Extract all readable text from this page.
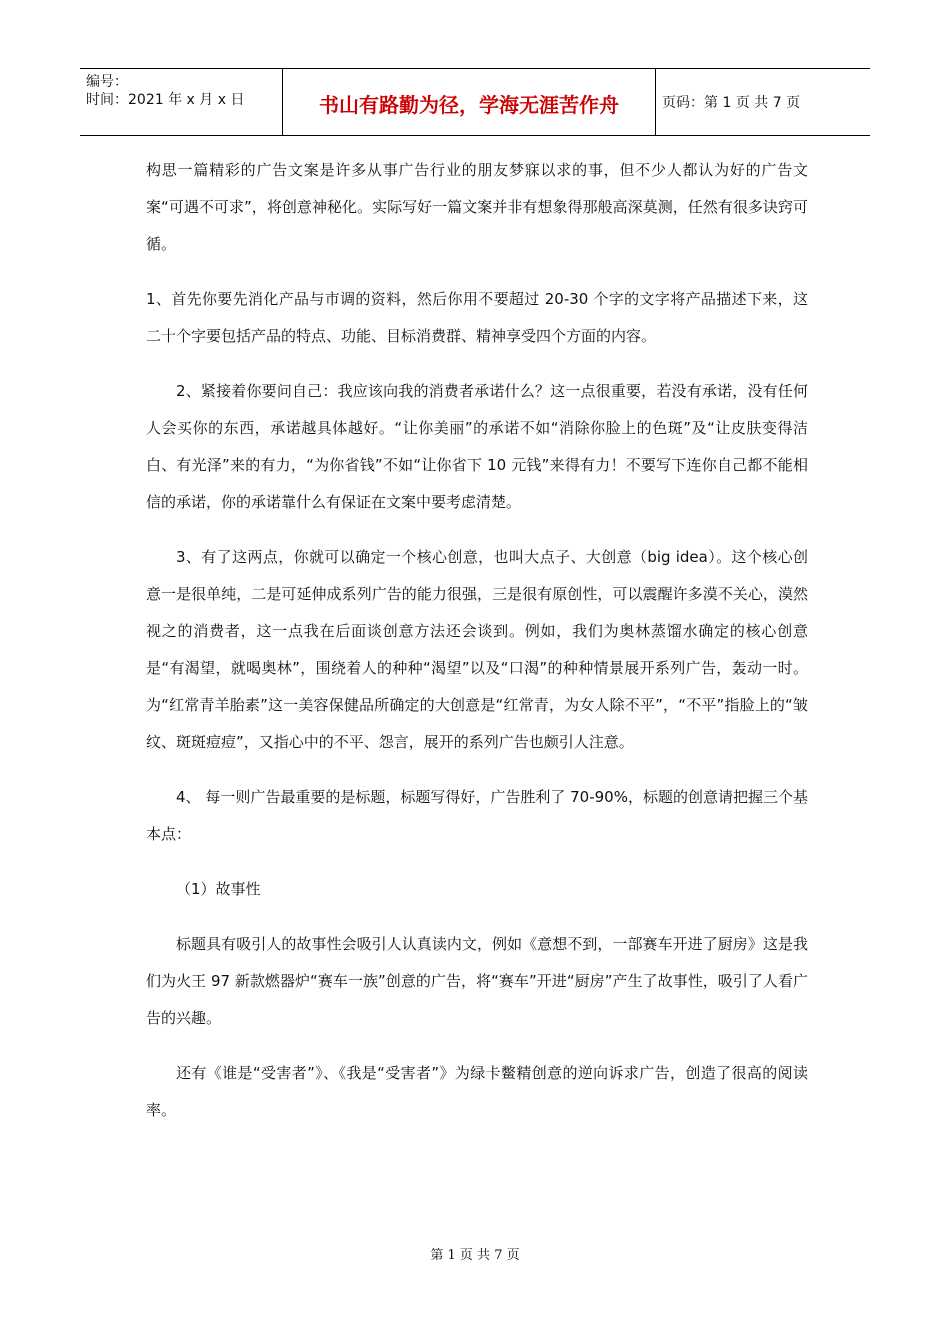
编号：
时间：2021 年 x 月 x 日	书山有路勤为径，学海无涯苦作舟	页码：第 1 页 共 7 页

构思一篇精彩的广告文案是许多从事广告行业的朋友梦寐以求的事，但不少人都认为好的广告文案“可遇不可求”，将创意神秘化。实际写好一篇文案并非有想象得那般高深莫测，任然有很多诀窍可循。

1、首先你要先消化产品与市调的资料，然后你用不要超过 20-30 个字的文字将产品描述下来，这二十个字要包括产品的特点、功能、目标消费群、精神享受四个方面的内容。

2、紧接着你要问自己：我应该向我的消费者承诺什么？这一点很重要，若没有承诺，没有任何人会买你的东西，承诺越具体越好。“让你美丽”的承诺不如“消除你脸上的色斑”及“让皮肤变得洁白、有光泽”来的有力，“为你省钱”不如“让你省下 10 元钱”来得有力！不要写下连你自己都不能相信的承诺，你的承诺靠什么有保证在文案中要考虑清楚。

3、有了这两点，你就可以确定一个核心创意，也叫大点子、大创意（big idea）。这个核心创意一是很单纯，二是可延伸成系列广告的能力很强，三是很有原创性，可以震醒许多漠不关心，漠然视之的消费者，这一点我在后面谈创意方法还会谈到。例如，我们为奥林蒸馏水确定的核心创意是“有渴望，就喝奥林”，围绕着人的种种“渴望”以及“口渴”的种种情景展开系列广告，轰动一时。为“红常青羊胎素”这一美容保健品所确定的大创意是“红常青，为女人除不平”，“不平”指脸上的“皱纹、斑斑痘痘”，又指心中的不平、怨言，展开的系列广告也颇引人注意。

4、 每一则广告最重要的是标题，标题写得好，广告胜利了 70-90%，标题的创意请把握三个基本点：

（1）故事性

标题具有吸引人的故事性会吸引人认真读内文，例如《意想不到，一部赛车开进了厨房》这是我们为火王 97 新款燃器炉“赛车一族”创意的广告，将“赛车”开进“厨房”产生了故事性，吸引了人看广告的兴趣。

还有《谁是“受害者”》、《我是“受害者”》为绿卡鳖精创意的逆向诉求广告，创造了很高的阅读率。

第 1 页 共 7 页
